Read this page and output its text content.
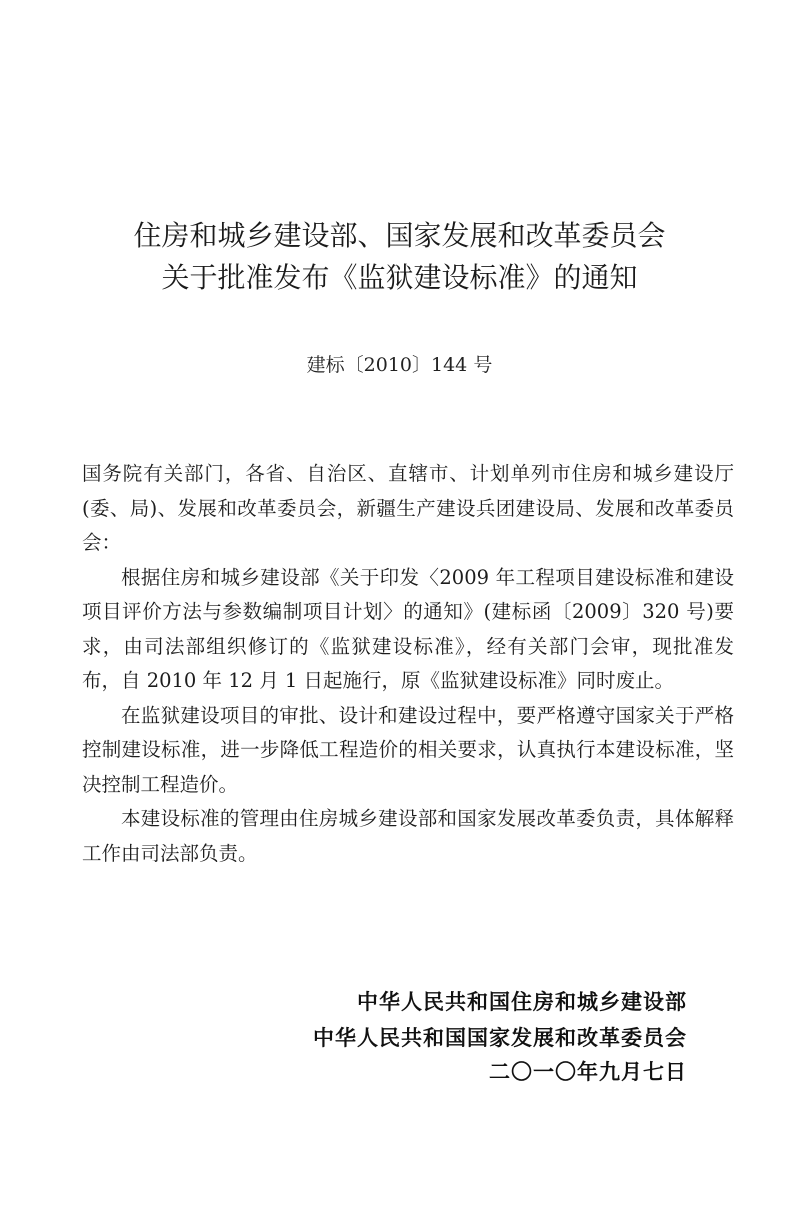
住房和城乡建设部、国家发展和改革委员会
关于批准发布《监狱建设标准》的通知
建标〔2010〕144 号

国务院有关部门，各省、自治区、直辖市、计划单列市住房和城乡建设厅(委、局)、发展和改革委员会，新疆生产建设兵团建设局、发展和改革委员会：

根据住房和城乡建设部《关于印发〈2009 年工程项目建设标准和建设项目评价方法与参数编制项目计划〉的通知》(建标函〔2009〕320 号)要求，由司法部组织修订的《监狱建设标准》，经有关部门会审，现批准发布，自 2010 年 12 月 1 日起施行，原《监狱建设标准》同时废止。

在监狱建设项目的审批、设计和建设过程中，要严格遵守国家关于严格控制建设标准，进一步降低工程造价的相关要求，认真执行本建设标准，坚决控制工程造价。

本建设标准的管理由住房城乡建设部和国家发展改革委负责，具体解释工作由司法部负责。

中华人民共和国住房和城乡建设部
中华人民共和国国家发展和改革委员会
二〇一〇年九月七日
